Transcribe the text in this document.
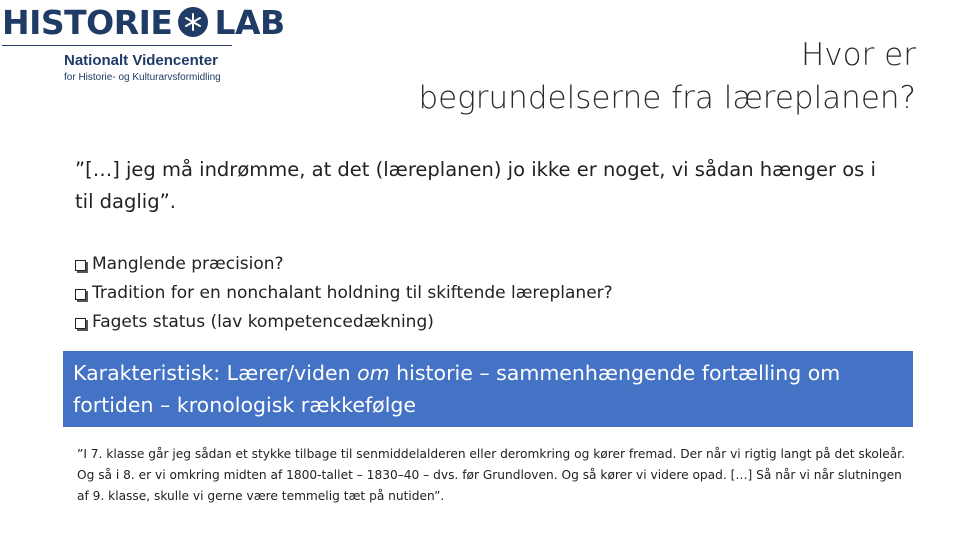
HISTORIE LAB
Nationalt Videncenter
for Historie- og Kulturarvsformidling
Hvor er
begrundelserne fra læreplanen?
”[…] jeg må indrømme, at det (læreplanen) jo ikke er noget, vi sådan hænger os i til daglig”.
Manglende præcision?
Tradition for en nonchalant holdning til skiftende læreplaner?
Fagets status (lav kompetencedækning)
Karakteristisk: Lærer/viden om historie – sammenhængende fortælling om fortiden – kronologisk rækkefølge
”I 7. klasse går jeg sådan et stykke tilbage til senmiddelalderen eller deromkring og kører fremad. Der når vi rigtig langt på det skoleår. Og så i 8. er vi omkring midten af 1800-tallet – 1830–40 – dvs. før Grundloven. Og så kører vi videre opad. […] Så når vi når slutningen af 9. klasse, skulle vi gerne være temmelig tæt på nutiden”.
